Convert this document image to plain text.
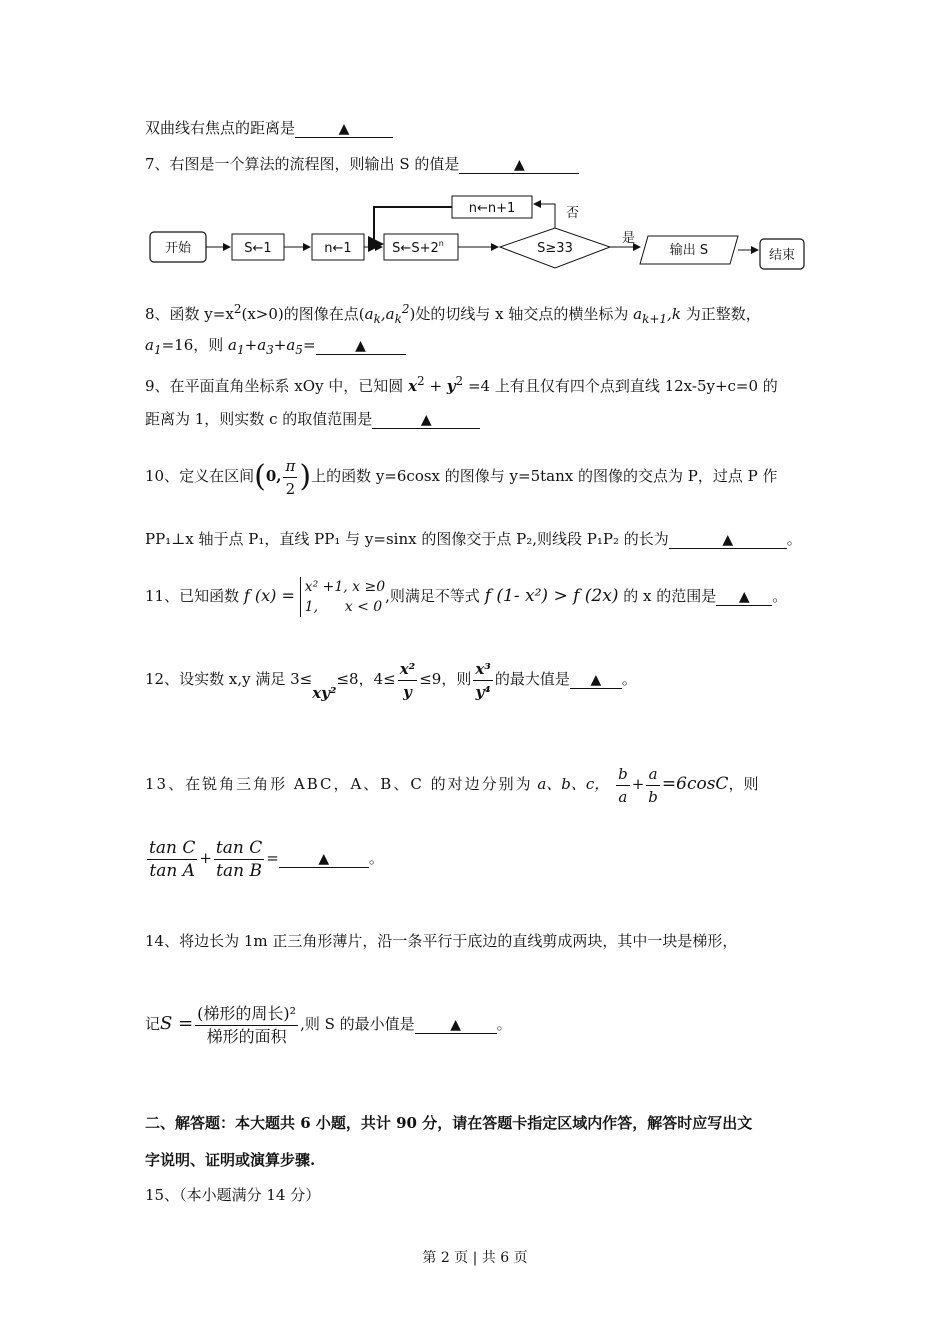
双曲线右焦点的距离是	▲
7、右图是一个算法的流程图，则输出 S 的值是	▲
开始	S←1	n←1	$S\leftarrow S+2^n$	S≥33
是
输出 S	结束
否
n←n+1
8、函数 $y=x^2(x>0)$的图像在点$(a_k,a_k^2)$处的切线与 x 轴交点的横坐标为 $a_{k+1},k$ 为正整数，
$a_1=16$，则 $a_1+a_3+a_5=$	▲
9、在平面直角坐标系 xOy 中，已知圆 $x^2 + y^2 =4$ 上有且仅有四个点到直线 12x-5y+c=0 的
距离为 1，则实数 c 的取值范围是	▲
10、定义在区间(0, $\frac{\pi}{2}$ )上的函数 y=6cosx 的图像与 y=5tanx 的图像的交点为 P，过点 P 作
PP₁⊥x 轴于点 P₁，直线 PP₁ 与 y=sinx 的图像交于点 P₂,则线段 P₁P₂ 的长为	▲	。
11、已知函数 f (x) = x² +1, x ≥0
1,      x < 0
,则满足不等式 f (1- x²) > f (2x) 的 x 的范围是 ▲ 。
12、设实数 x,y 满足 3≤xy²≤8，$4\le \frac{\text{x²}}{y} \le 9$，则 $\frac{\text{x³}}{\text{y⁴}}$ 的最大值是 ▲ 。
13、在锐角三角形 ABC，A、B、C 的对边分别为 a、b、c， $\frac{b}{a} + \frac{a}{b} =6\cos C$，则
$\frac{\text{tan C}}{\text{tan A}} + \frac{\text{tan C}}{\text{tan B}}$ =	▲	。
14、将边长为 1m 正三角形薄片，沿一条平行于底边的直线剪成两块，其中一块是梯形，
记$S = \frac{\text{(梯形的周长)²}}{\text{梯形的面积}}$ ,则 S 的最小值是	▲ 。
二、解答题：本大题共 6 小题，共计 90 分，请在答题卡指定区域内作答，解答时应写出文
字说明、证明或演算步骤.
15、（本小题满分 14 分）
第 2 页 | 共 6 页
